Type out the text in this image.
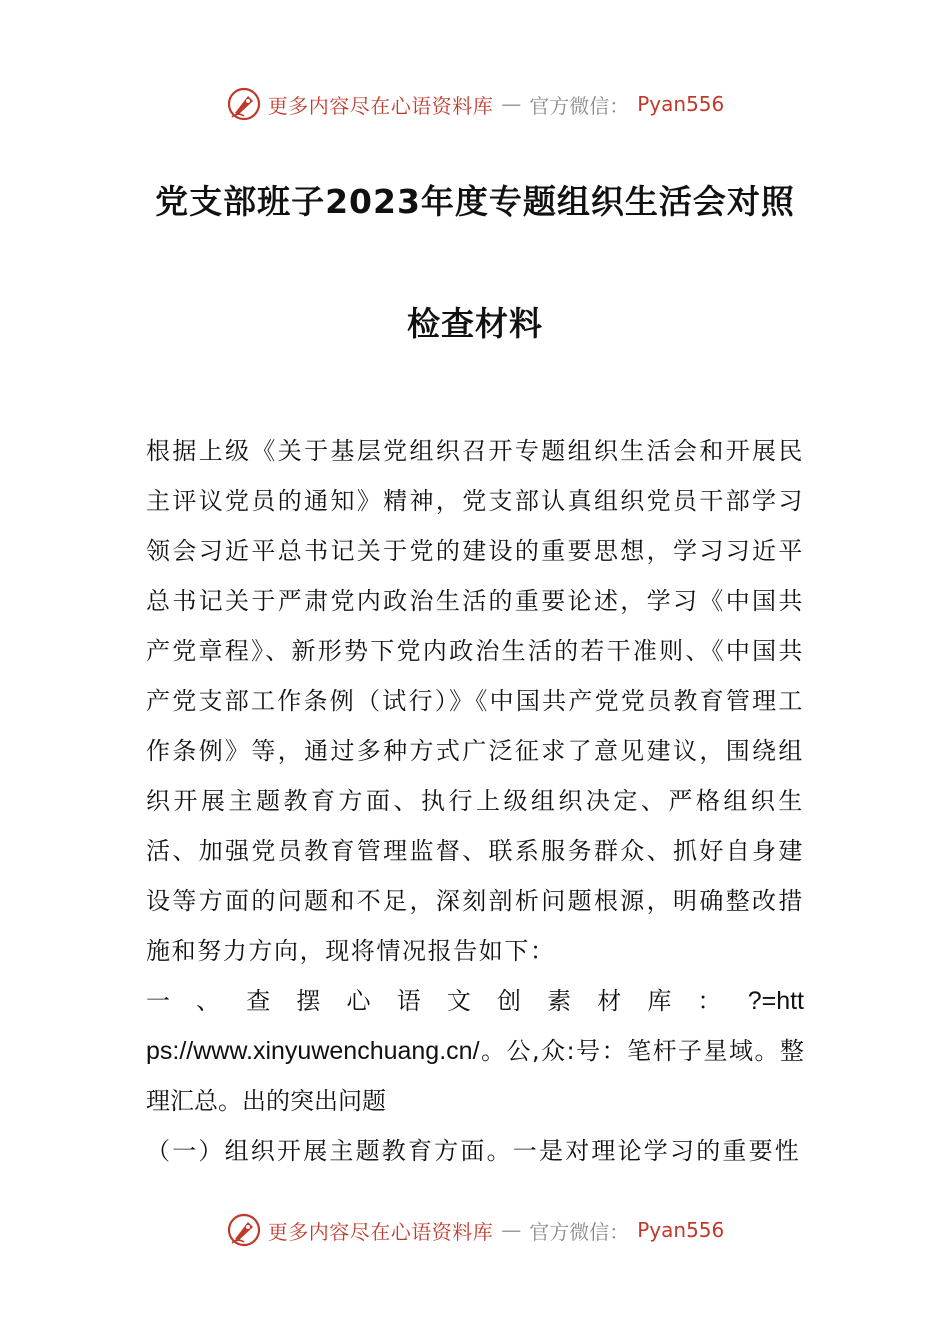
更多内容尽在心语资料库 — 官方微信： Pyan556
党支部班子2023年度专题组织生活会对照
检查材料

根据上级《关于基层党组织召开专题组织生活会和开展民主评议党员的通知》精神，党支部认真组织党员干部学习领会习近平总书记关于党的建设的重要思想，学习习近平总书记关于严肃党内政治生活的重要论述，学习《中国共产党章程》、新形势下党内政治生活的若干准则、《中国共产党支部工作条例（试行）》《中国共产党党员教育管理工作条例》等，通过多种方式广泛征求了意见建议，围绕组织开展主题教育方面、执行上级组织决定、严格组织生活、加强党员教育管理监督、联系服务群众、抓好自身建设等方面的问题和不足，深刻剖析问题根源，明确整改措施和努力方向，现将情况报告如下：

一、查摆心语文创素材库：?=https://www.xinyuwenchuang.cn/。公,众:号：笔杆子星域。整理汇总。出的突出问题

（一）组织开展主题教育方面。一是对理论学习的重要性

更多内容尽在心语资料库 — 官方微信： Pyan556
